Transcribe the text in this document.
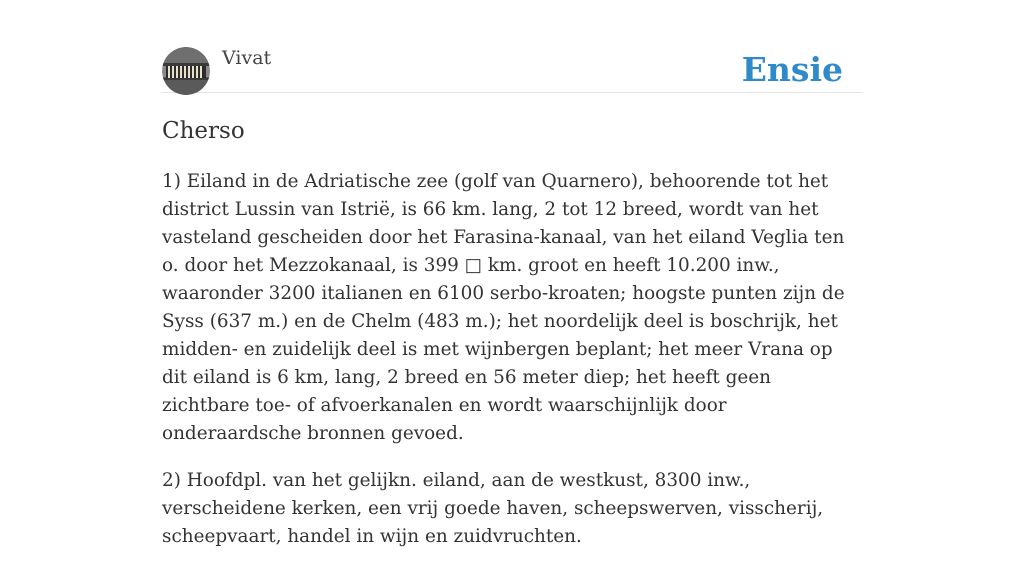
Vivat	Ensie
Cherso

1) Eiland in de Adriatische zee (golf van Quarnero), behoorende tot het district Lussin van Istrië, is 66 km. lang, 2 tot 12 breed, wordt van het vasteland gescheiden door het Farasina-kanaal, van het eiland Veglia ten o. door het Mezzokanaal, is 399 □ km. groot en heeft 10.200 inw., waaronder 3200 italianen en 6100 serbo-kroaten; hoogste punten zijn de Syss (637 m.) en de Chelm (483 m.); het noordelijk deel is boschrijk, het midden- en zuidelijk deel is met wijnbergen beplant; het meer Vrana op dit eiland is 6 km, lang, 2 breed en 56 meter diep; het heeft geen zichtbare toe- of afvoerkanalen en wordt waarschijnlijk door onderaardsche bronnen gevoed.

2) Hoofdpl. van het gelijkn. eiland, aan de westkust, 8300 inw., verscheidene kerken, een vrij goede haven, scheepswerven, visscherij, scheepvaart, handel in wijn en zuidvruchten.
